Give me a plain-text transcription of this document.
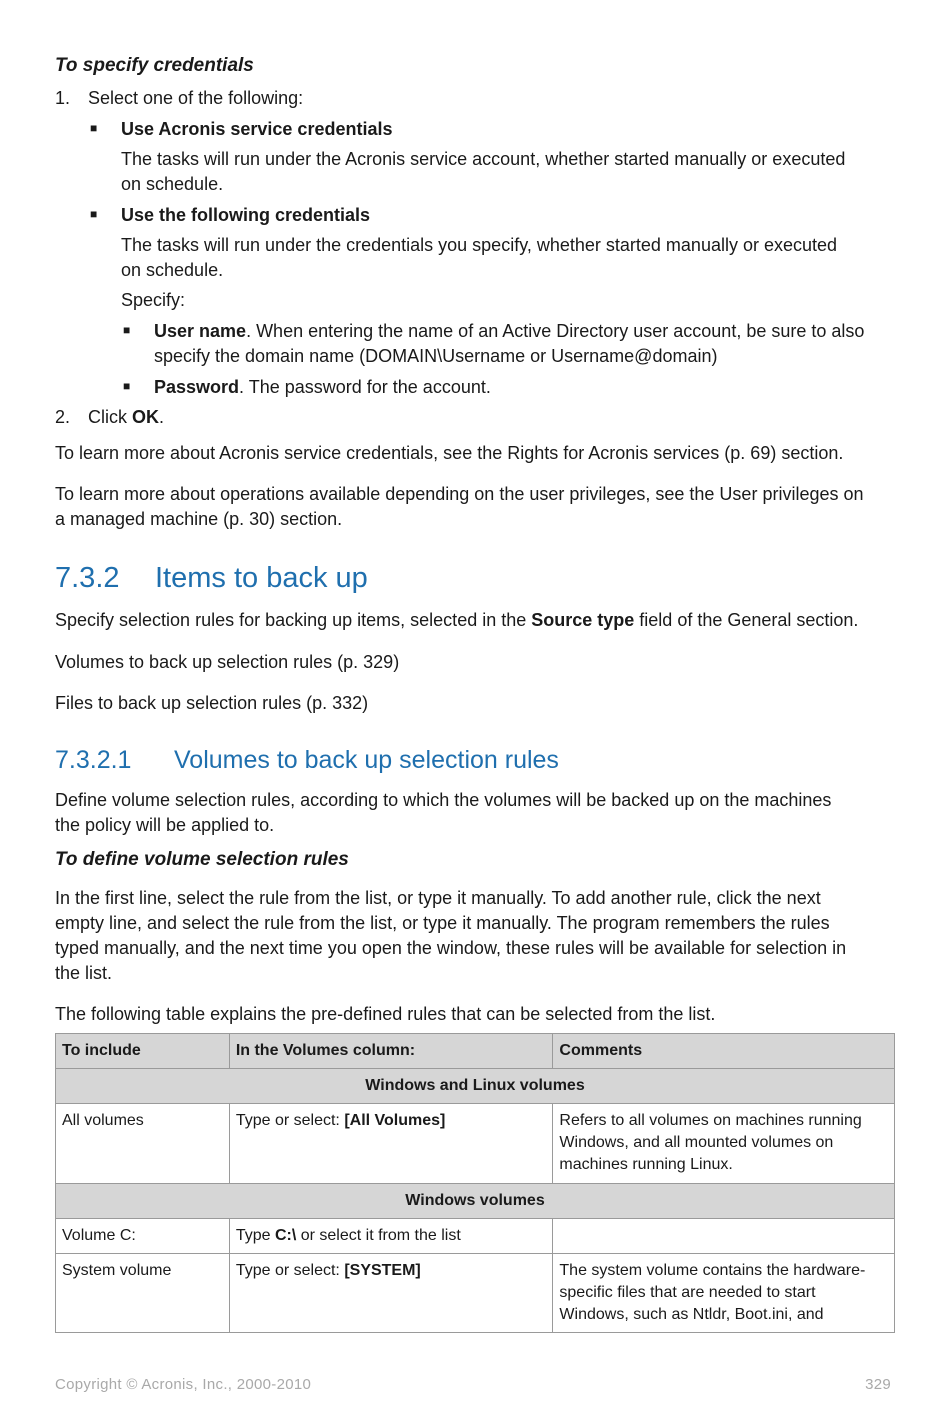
To specify credentials
1. Select one of the following:
■ Use Acronis service credentials
The tasks will run under the Acronis service account, whether started manually or executed
on schedule.
■ Use the following credentials
The tasks will run under the credentials you specify, whether started manually or executed
on schedule.
Specify:
■ User name. When entering the name of an Active Directory user account, be sure to also
specify the domain name (DOMAIN\Username or Username@domain)
■ Password. The password for the account.
2. Click OK.
To learn more about Acronis service credentials, see the Rights for Acronis services (p. 69) section.
To learn more about operations available depending on the user privileges, see the User privileges on
a managed machine (p. 30) section.
7.3.2 Items to back up
Specify selection rules for backing up items, selected in the Source type field of the General section.
Volumes to back up selection rules (p. 329)
Files to back up selection rules (p. 332)
7.3.2.1 Volumes to back up selection rules
Define volume selection rules, according to which the volumes will be backed up on the machines
the policy will be applied to.
To define volume selection rules
In the first line, select the rule from the list, or type it manually. To add another rule, click the next
empty line, and select the rule from the list, or type it manually. The program remembers the rules
typed manually, and the next time you open the window, these rules will be available for selection in
the list.
The following table explains the pre-defined rules that can be selected from the list.
To include	In the Volumes column:	Comments
Windows and Linux volumes		
All volumes	Type or select: [All Volumes]	Refers to all volumes on machines running
Windows, and all mounted volumes on
machines running Linux.

Windows volumes		
Volume C:	Type C:\ or select it from the list	
System volume	Type or select: [SYSTEM]	The system volume contains the hardware-
specific files that are needed to start
Windows, such as Ntldr, Boot.ini, and
Copyright © Acronis, Inc., 2000-2010	329
